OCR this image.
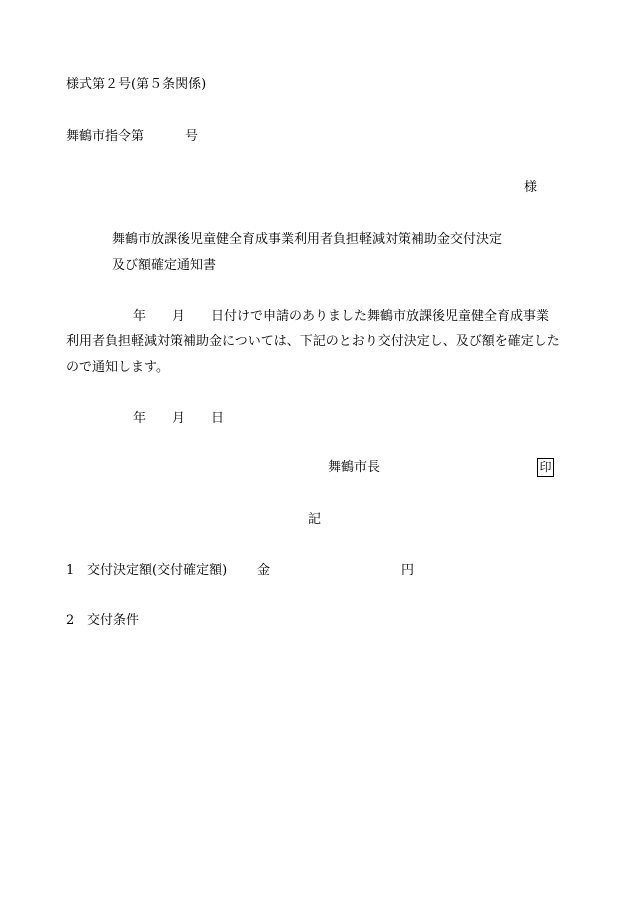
様式第２号(第５条関係)
舞鶴市指令第	号
様
舞鶴市放課後児童健全育成事業利用者負担軽減対策補助金交付決定
及び額確定通知書
年 月 日付けで申請のありました舞鶴市放課後児童健全育成事業
利用者負担軽減対策補助金については、下記のとおり交付決定し、及び額を確定した
ので通知します。
年 月 日
舞鶴市長	印
記
1 交付決定額(交付確定額) 金	円
2 交付条件
